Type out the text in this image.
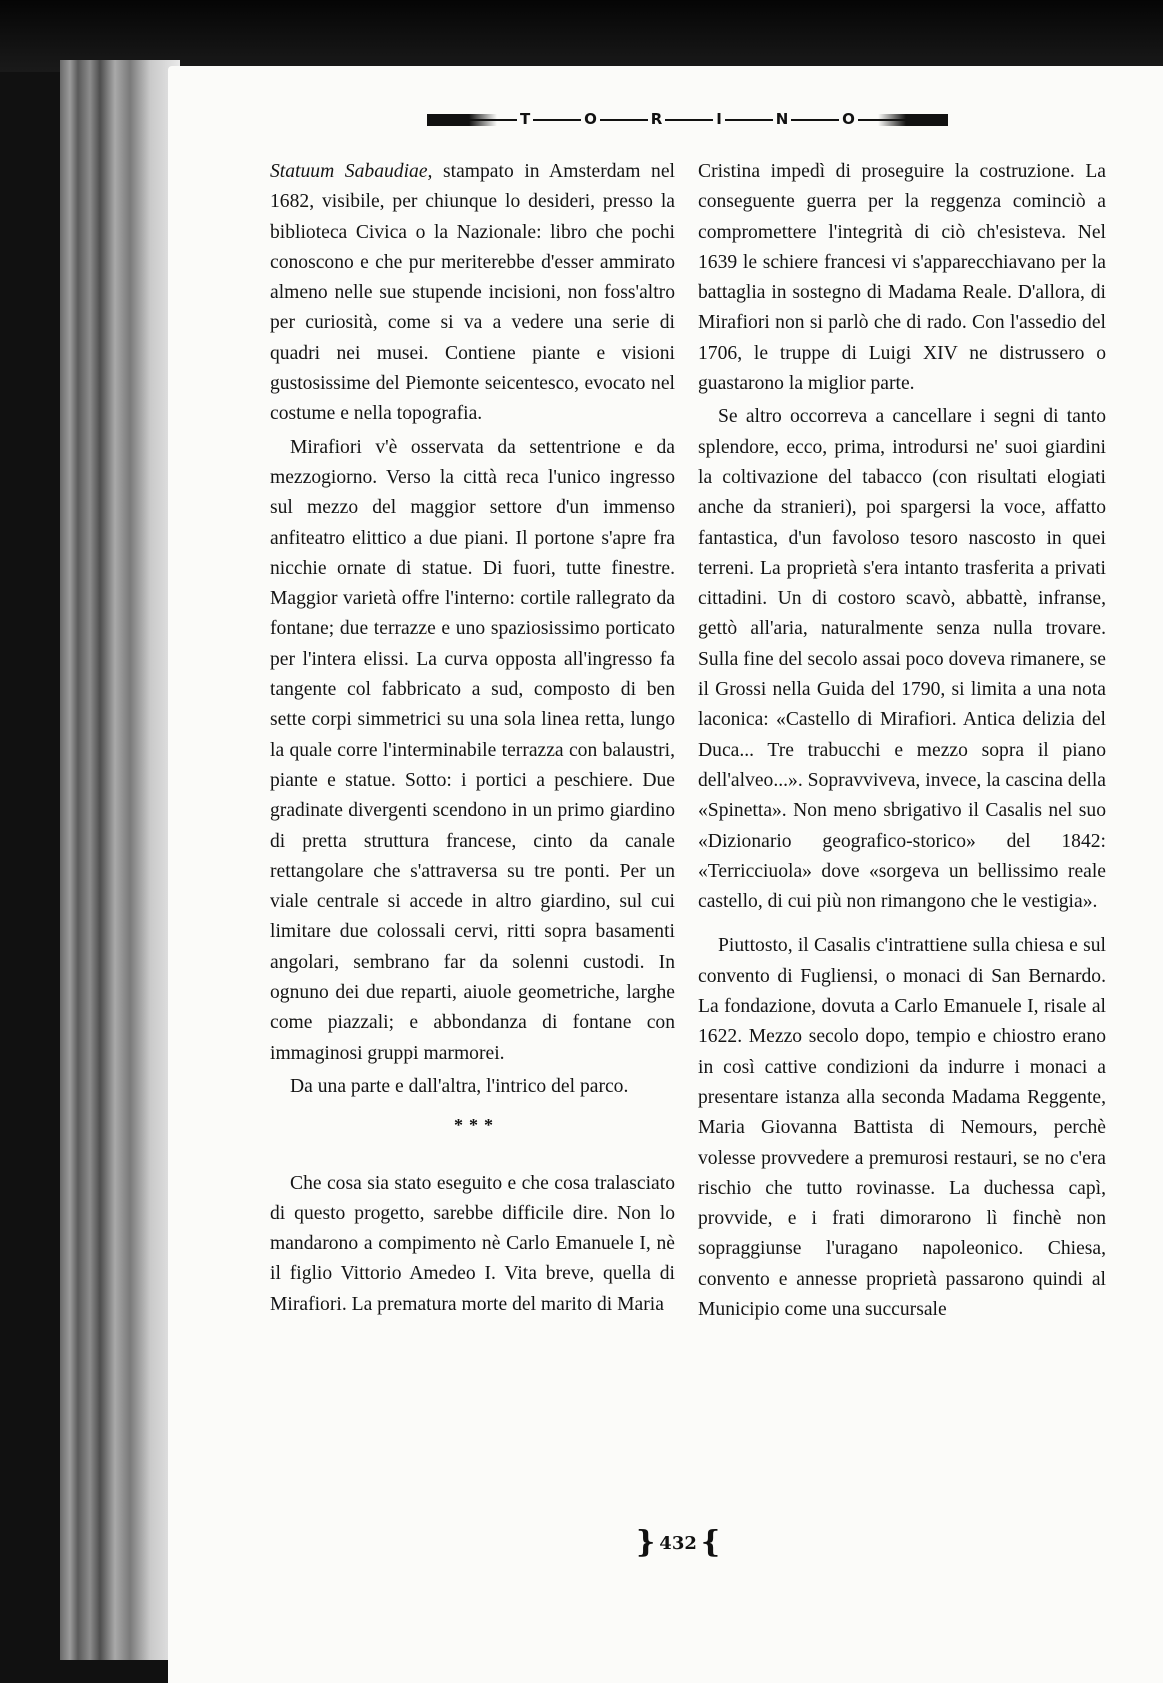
T	O	R	I	N	O

Statuum Sabaudiae, stampato in Amsterdam nel 1682, visibile, per chiunque lo desideri, presso la biblioteca Civica o la Nazionale: libro che pochi conoscono e che pur meriterebbe d'esser ammirato almeno nelle sue stupende incisioni, non foss'altro per curiosità, come si va a vedere una serie di quadri nei musei. Contiene piante e visioni gustosissime del Piemonte seicentesco, evocato nel costume e nella topografia.

Mirafiori v'è osservata da settentrione e da mezzogiorno. Verso la città reca l'unico ingresso sul mezzo del maggior settore d'un immenso anfiteatro elittico a due piani. Il portone s'apre fra nicchie ornate di statue. Di fuori, tutte finestre. Maggior varietà offre l'interno: cortile rallegrato da fontane; due terrazze e uno spaziosissimo porticato per l'intera elissi. La curva opposta all'ingresso fa tangente col fabbricato a sud, composto di ben sette corpi simmetrici su una sola linea retta, lungo la quale corre l'interminabile terrazza con balaustri, piante e statue. Sotto: i portici a peschiere. Due gradinate divergenti scendono in un primo giardino di pretta struttura francese, cinto da canale rettangolare che s'attraversa su tre ponti. Per un viale centrale si accede in altro giardino, sul cui limitare due colossali cervi, ritti sopra basamenti angolari, sembrano far da solenni custodi. In ognuno dei due reparti, aiuole geometriche, larghe come piazzali; e abbondanza di fontane con immaginosi gruppi marmorei.

Da una parte e dall'altra, l'intrico del parco.

***

Che cosa sia stato eseguito e che cosa tralasciato di questo progetto, sarebbe difficile dire. Non lo mandarono a compimento nè Carlo Emanuele I, nè il figlio Vittorio Amedeo I. Vita breve, quella di Mirafiori. La prematura morte del marito di Maria

Cristina impedì di proseguire la costruzione. La conseguente guerra per la reggenza cominciò a compromettere l'integrità di ciò ch'esisteva. Nel 1639 le schiere francesi vi s'apparecchiavano per la battaglia in sostegno di Madama Reale. D'allora, di Mirafiori non si parlò che di rado. Con l'assedio del 1706, le truppe di Luigi XIV ne distrussero o guastarono la miglior parte.

Se altro occorreva a cancellare i segni di tanto splendore, ecco, prima, introdursi ne' suoi giardini la coltivazione del tabacco (con risultati elogiati anche da stranieri), poi spargersi la voce, affatto fantastica, d'un favoloso tesoro nascosto in quei terreni. La proprietà s'era intanto trasferita a privati cittadini. Un di costoro scavò, abbattè, infranse, gettò all'aria, naturalmente senza nulla trovare. Sulla fine del secolo assai poco doveva rimanere, se il Grossi nella Guida del 1790, si limita a una nota laconica: «Castello di Mirafiori. Antica delizia del Duca... Tre trabucchi e mezzo sopra il piano dell'alveo...». Sopravviveva, invece, la cascina della «Spinetta». Non meno sbrigativo il Casalis nel suo «Dizionario geografico-storico» del 1842: «Terricciuola» dove «sorgeva un bellissimo reale castello, di cui più non rimangono che le vestigia».

Piuttosto, il Casalis c'intrattiene sulla chiesa e sul convento di Fugliensi, o monaci di San Bernardo. La fondazione, dovuta a Carlo Emanuele I, risale al 1622. Mezzo secolo dopo, tempio e chiostro erano in così cattive condizioni da indurre i monaci a presentare istanza alla seconda Madama Reggente, Maria Giovanna Battista di Nemours, perchè volesse provvedere a premurosi restauri, se no c'era rischio che tutto rovinasse. La duchessa capì, provvide, e i frati dimorarono lì finchè non sopraggiunse l'uragano napoleonico. Chiesa, convento e annesse proprietà passarono quindi al Municipio come una succursale

} 432 {
